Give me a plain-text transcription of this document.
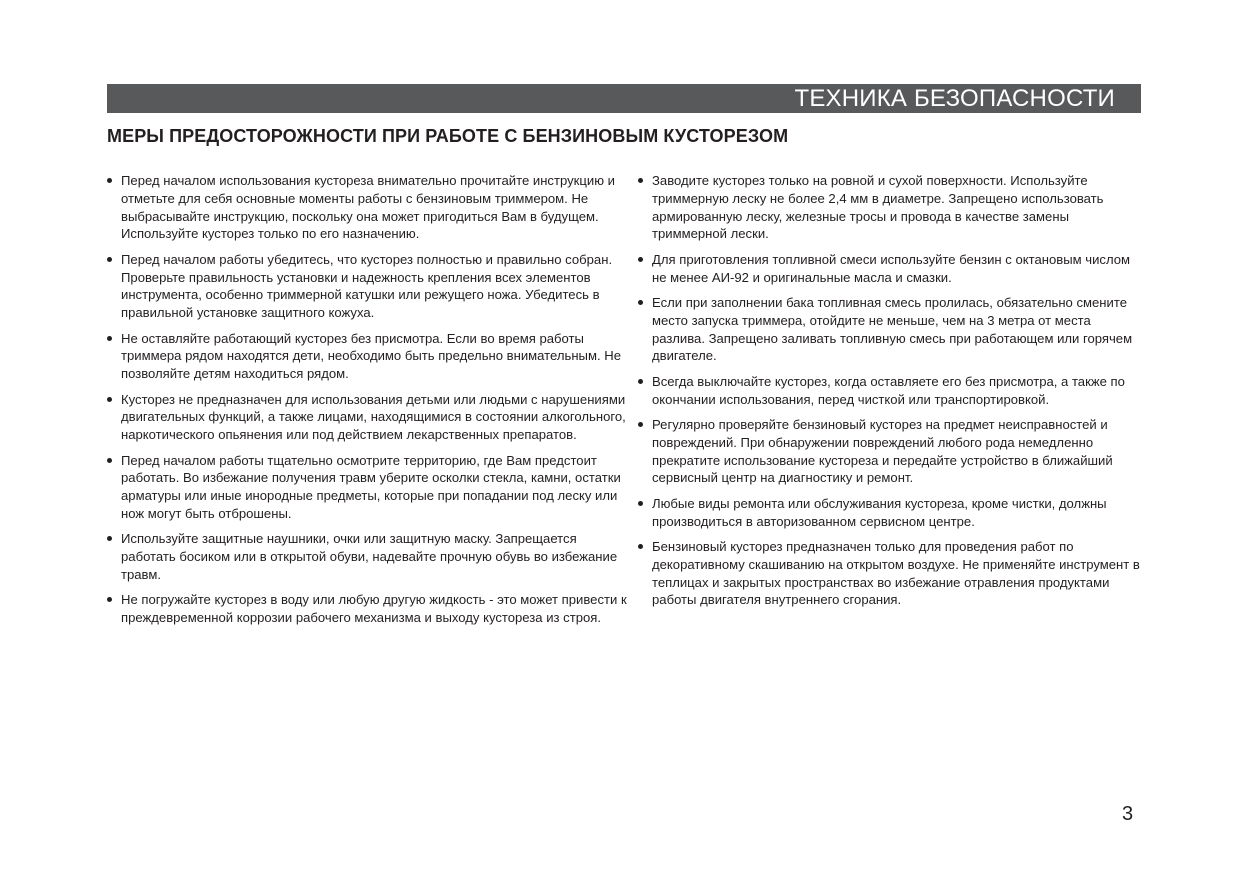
ТЕХНИКА БЕЗОПАСНОСТИ
МЕРЫ ПРЕДОСТОРОЖНОСТИ ПРИ РАБОТЕ С БЕНЗИНОВЫМ КУСТОРЕЗОМ
Перед началом использования кустореза внимательно прочитайте инструкцию и отметьте для себя основные моменты работы с бензиновым триммером. Не выбрасывайте инструкцию, поскольку она может пригодиться Вам в будущем. Используйте кусторез только по его назначению.
Перед началом работы убедитесь, что кусторез полностью и правильно собран. Проверьте правильность установки и надежность крепления всех элементов инструмента, особенно триммерной катушки или режущего ножа. Убедитесь в правильной установке защитного кожуха.
Не оставляйте работающий кусторез без присмотра. Если во время работы триммера рядом находятся дети, необходимо быть предельно внимательным. Не позволяйте детям находиться рядом.
Кусторез не предназначен для использования детьми или людьми с нарушениями двигательных функций, а также лицами, находящимися в состоянии алкогольного, наркотического опьянения или под действием лекарственных препаратов.
Перед началом работы тщательно осмотрите территорию, где Вам предстоит работать. Во избежание получения травм уберите осколки стекла, камни, остатки арматуры или иные инородные предметы, которые при попадании под леску или нож могут быть отброшены.
Используйте защитные наушники, очки или защитную маску. Запрещается работать босиком или в открытой обуви, надевайте прочную обувь во избежание травм.
Не погружайте кусторез в воду или любую другую жидкость - это может привести к преждевременной коррозии рабочего механизма и выходу кустореза из строя.
Заводите кусторез только на ровной и сухой поверхности. Используйте триммерную леску не более 2,4 мм в диаметре. Запрещено использовать армированную леску, железные тросы и провода в качестве замены триммерной лески.
Для приготовления топливной смеси используйте бензин с октановым числом не менее АИ-92 и оригинальные масла и смазки.
Если при заполнении бака топливная смесь пролилась, обязательно смените место запуска триммера, отойдите не меньше, чем на 3 метра от места разлива. Запрещено заливать топливную смесь при работающем или горячем двигателе.
Всегда выключайте кусторез, когда оставляете его без присмотра, а также по окончании использования, перед чисткой или транспортировкой.
Регулярно проверяйте бензиновый кусторез на предмет неисправностей и повреждений. При обнаружении повреждений любого рода немедленно прекратите использование кустореза и передайте устройство в ближайший сервисный центр на диагностику и ремонт.
Любые виды ремонта или обслуживания кустореза, кроме чистки, должны производиться в авторизованном сервисном центре.
Бензиновый кусторез предназначен только для проведения работ по декоративному скашиванию на открытом воздухе. Не применяйте инструмент в теплицах и закрытых пространствах во избежание отравления продуктами работы двигателя внутреннего сгорания.
3
